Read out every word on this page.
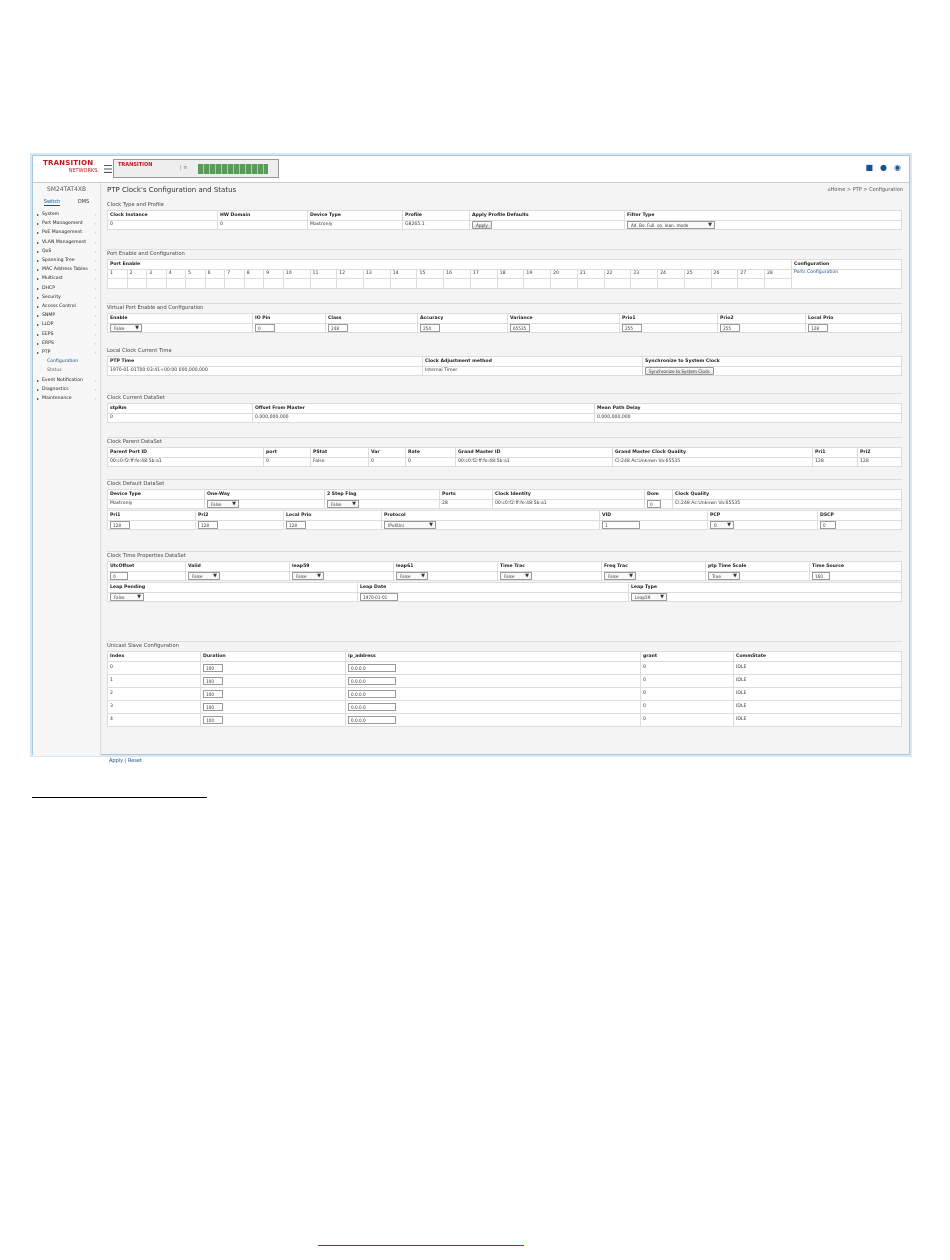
TRANSITION
NETWORKS. ☰ TRANSITION	| ≡	■ ● ◉
SM24TAT4XB
Switch	DMS
▸	‹
System
▸	‹
Port Management
▸	‹
PoE Management
▸	‹
VLAN Management
▸	‹
QoS
▸	‹
Spanning Tree
▸	‹
MAC Address Tables
▸	‹
Multicast
▸	‹
DHCP
▸	‹
Security
▸	‹
Access Control
▸	‹
SNMP
▸	‹
LLDP
▸	‹
EEPS
▸	‹
ERPS
▸	‹
PTP
Configuration
Status
▸	‹
Event Notification
▸	‹
Diagnostics
▸	‹
Maintenance
PTP Clock's Configuration and Status	⌂Home > PTP > Configuration
Clock Type and Profile
Clock Instance	HW Domain	Device Type	Profile	Apply Profile Defaults	Filter Type
0	0	Mastronly	G8265.1	Apply	Ad. Bo. Full. on. lean. mode ▼
Port Enable and Configuration
Port Enable																												Configuration
1	2	3	4	5	6	7	8	9	10	11	12	13	14	15	16	17	18	19	20	21	22	23	24	25	26	27	28	Ports Configuration

Virtual Port Enable and Configuration
Enable	IO Pin	Class	Accuracy	Variance	Prio1	Prio2	Local Prio
False ▼	0	248	254	65535	255	255	128
Local Clock Current Time
PTP Time	Clock Adjustment method	Synchronize to System Clock
1970-01-01T00:03:41+00:00 000,000,000	Internal Timer	Synchronize to System Clock
Clock Current DataSet
stpRm	Offset From Master	Mean Path Delay
0	0.000,000,000	0.000,000,000
Clock Parent DataSet
Parent Port ID	port	PStat	Var	Rate	Grand Master ID	Grand Master Clock Quality	Pri1	Pri2
00:c0:f2:ff:fe:48:5b:a1	0	False	0	0	00:c0:f2:ff:fe:48:5b:a1	Cl:248 Ac:Unknwn Va:65535	128	128
Clock Default DataSet
Device Type	One-Way	2 Step Flag	Ports	Clock Identity	Dom	Clock Quality
Mastronly	False ▼	False ▼	28	00:c0:f2:ff:fe:48:5b:a1	0	Cl:248 Ac:Unknwn Va:65535
Pri1	Pri2	Local Prio	Protocol	VID	PCP	DSCP
128	128	128	IPv4Uni ▼	1	0 ▼	0
Clock Time Properties DataSet
UtcOffset	Valid	leap59	leap61	Time Trac	Freq Trac	ptp Time Scale	Time Source
0	False ▼	False ▼	False ▼	False ▼	False ▼	True ▼	160
Leap Pending	Leap Date	Leap Type
False ▼	1970-01-01	Leap59 ▼
Unicast Slave Configuration
Index	Duration	ip_address	grant	CommState
0	100	0.0.0.0	0	IDLE
1	100	0.0.0.0	0	IDLE
2	100	0.0.0.0	0	IDLE
3	100	0.0.0.0	0	IDLE
4	100	0.0.0.0	0	IDLE
Apply | Reset
